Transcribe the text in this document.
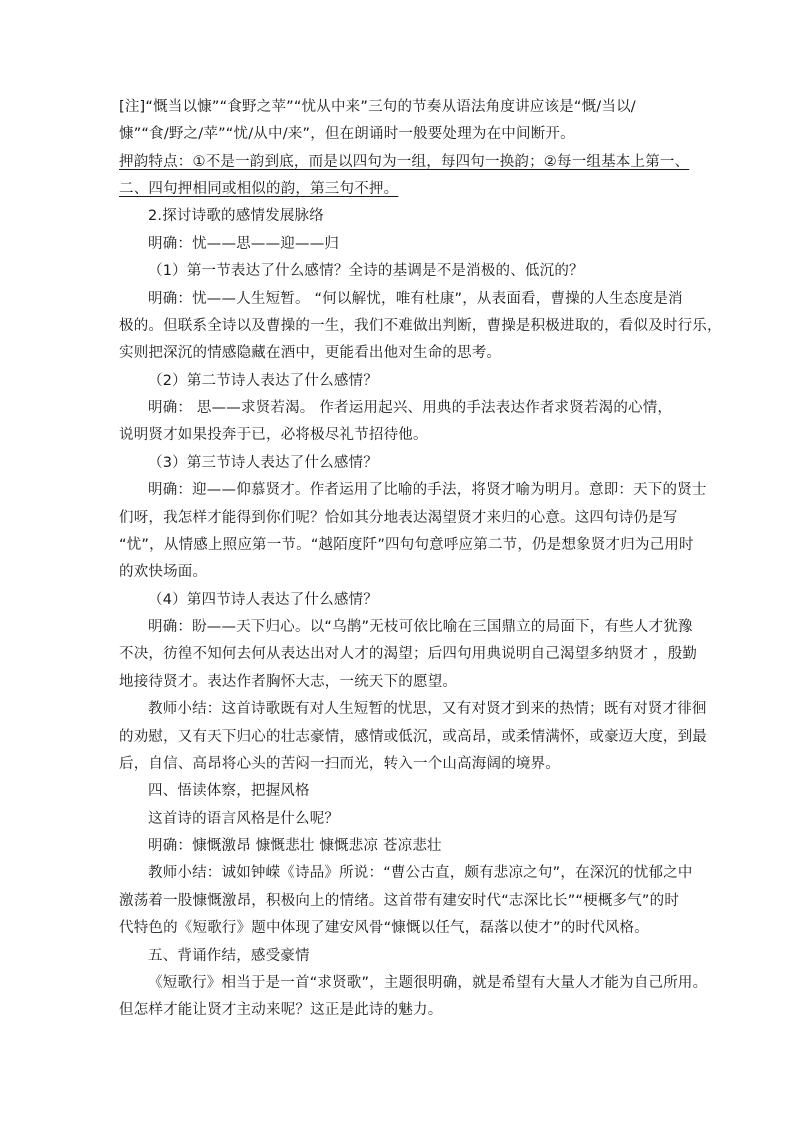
[注]“慨当以慷”“食野之苹”“忧从中来”三句的节奏从语法角度讲应该是“慨/当以/
慷”“食/野之/苹”“忧/从中/来”，但在朗诵时一般要处理为在中间断开。
押韵特点：①不是一韵到底，而是以四句为一组，每四句一换韵；②每一组基本上第一、
二、四句押相同或相似的韵，第三句不押。
2.探讨诗歌的感情发展脉络
明确：忧——思——迎——归
（1）第一节表达了什么感情？全诗的基调是不是消极的、低沉的？
明确：忧——人生短暂。 “何以解忧，唯有杜康”，从表面看，曹操的人生态度是消
极的。但联系全诗以及曹操的一生，我们不难做出判断，曹操是积极进取的，看似及时行乐，
实则把深沉的情感隐藏在酒中，更能看出他对生命的思考。
（2）第二节诗人表达了什么感情？
明确： 思——求贤若渴。 作者运用起兴、用典的手法表达作者求贤若渴的心情，
说明贤才如果投奔于已，必将极尽礼节招待他。
（3）第三节诗人表达了什么感情？
明确：迎——仰慕贤才。作者运用了比喻的手法，将贤才喻为明月。意即：天下的贤士
们呀，我怎样才能得到你们呢？恰如其分地表达渴望贤才来归的心意。这四句诗仍是写
“忧”，从情感上照应第一节。“越陌度阡”四句句意呼应第二节，仍是想象贤才归为己用时
的欢快场面。
（4）第四节诗人表达了什么感情？
明确：盼——天下归心。以“乌鹊”无枝可依比喻在三国鼎立的局面下，有些人才犹豫
不决，彷徨不知何去何从表达出对人才的渴望；后四句用典说明自己渴望多纳贤才 ，殷勤
地接待贤才。表达作者胸怀大志，一统天下的愿望。
教师小结：这首诗歌既有对人生短暂的忧思，又有对贤才到来的热情；既有对贤才徘徊
的劝慰，又有天下归心的壮志豪情，感情或低沉，或高昂，或柔情满怀，或豪迈大度，到最
后，自信、高昂将心头的苦闷一扫而光，转入一个山高海阔的境界。
四、悟读体察，把握风格
这首诗的语言风格是什么呢？
明确：慷慨激昂 慷慨悲壮 慷慨悲凉 苍凉悲壮
教师小结：诚如钟嵘《诗品》所说：“曹公古直，颇有悲凉之句”，在深沉的忧郁之中
激荡着一股慷慨激昂，积极向上的情绪。这首带有建安时代“志深比长”“梗概多气”的时
代特色的《短歌行》题中体现了建安风骨“慷慨以任气，磊落以使才”的时代风格。
五、背诵作结，感受豪情
《短歌行》相当于是一首“求贤歌”，主题很明确，就是希望有大量人才能为自己所用。
但怎样才能让贤才主动来呢？这正是此诗的魅力。
